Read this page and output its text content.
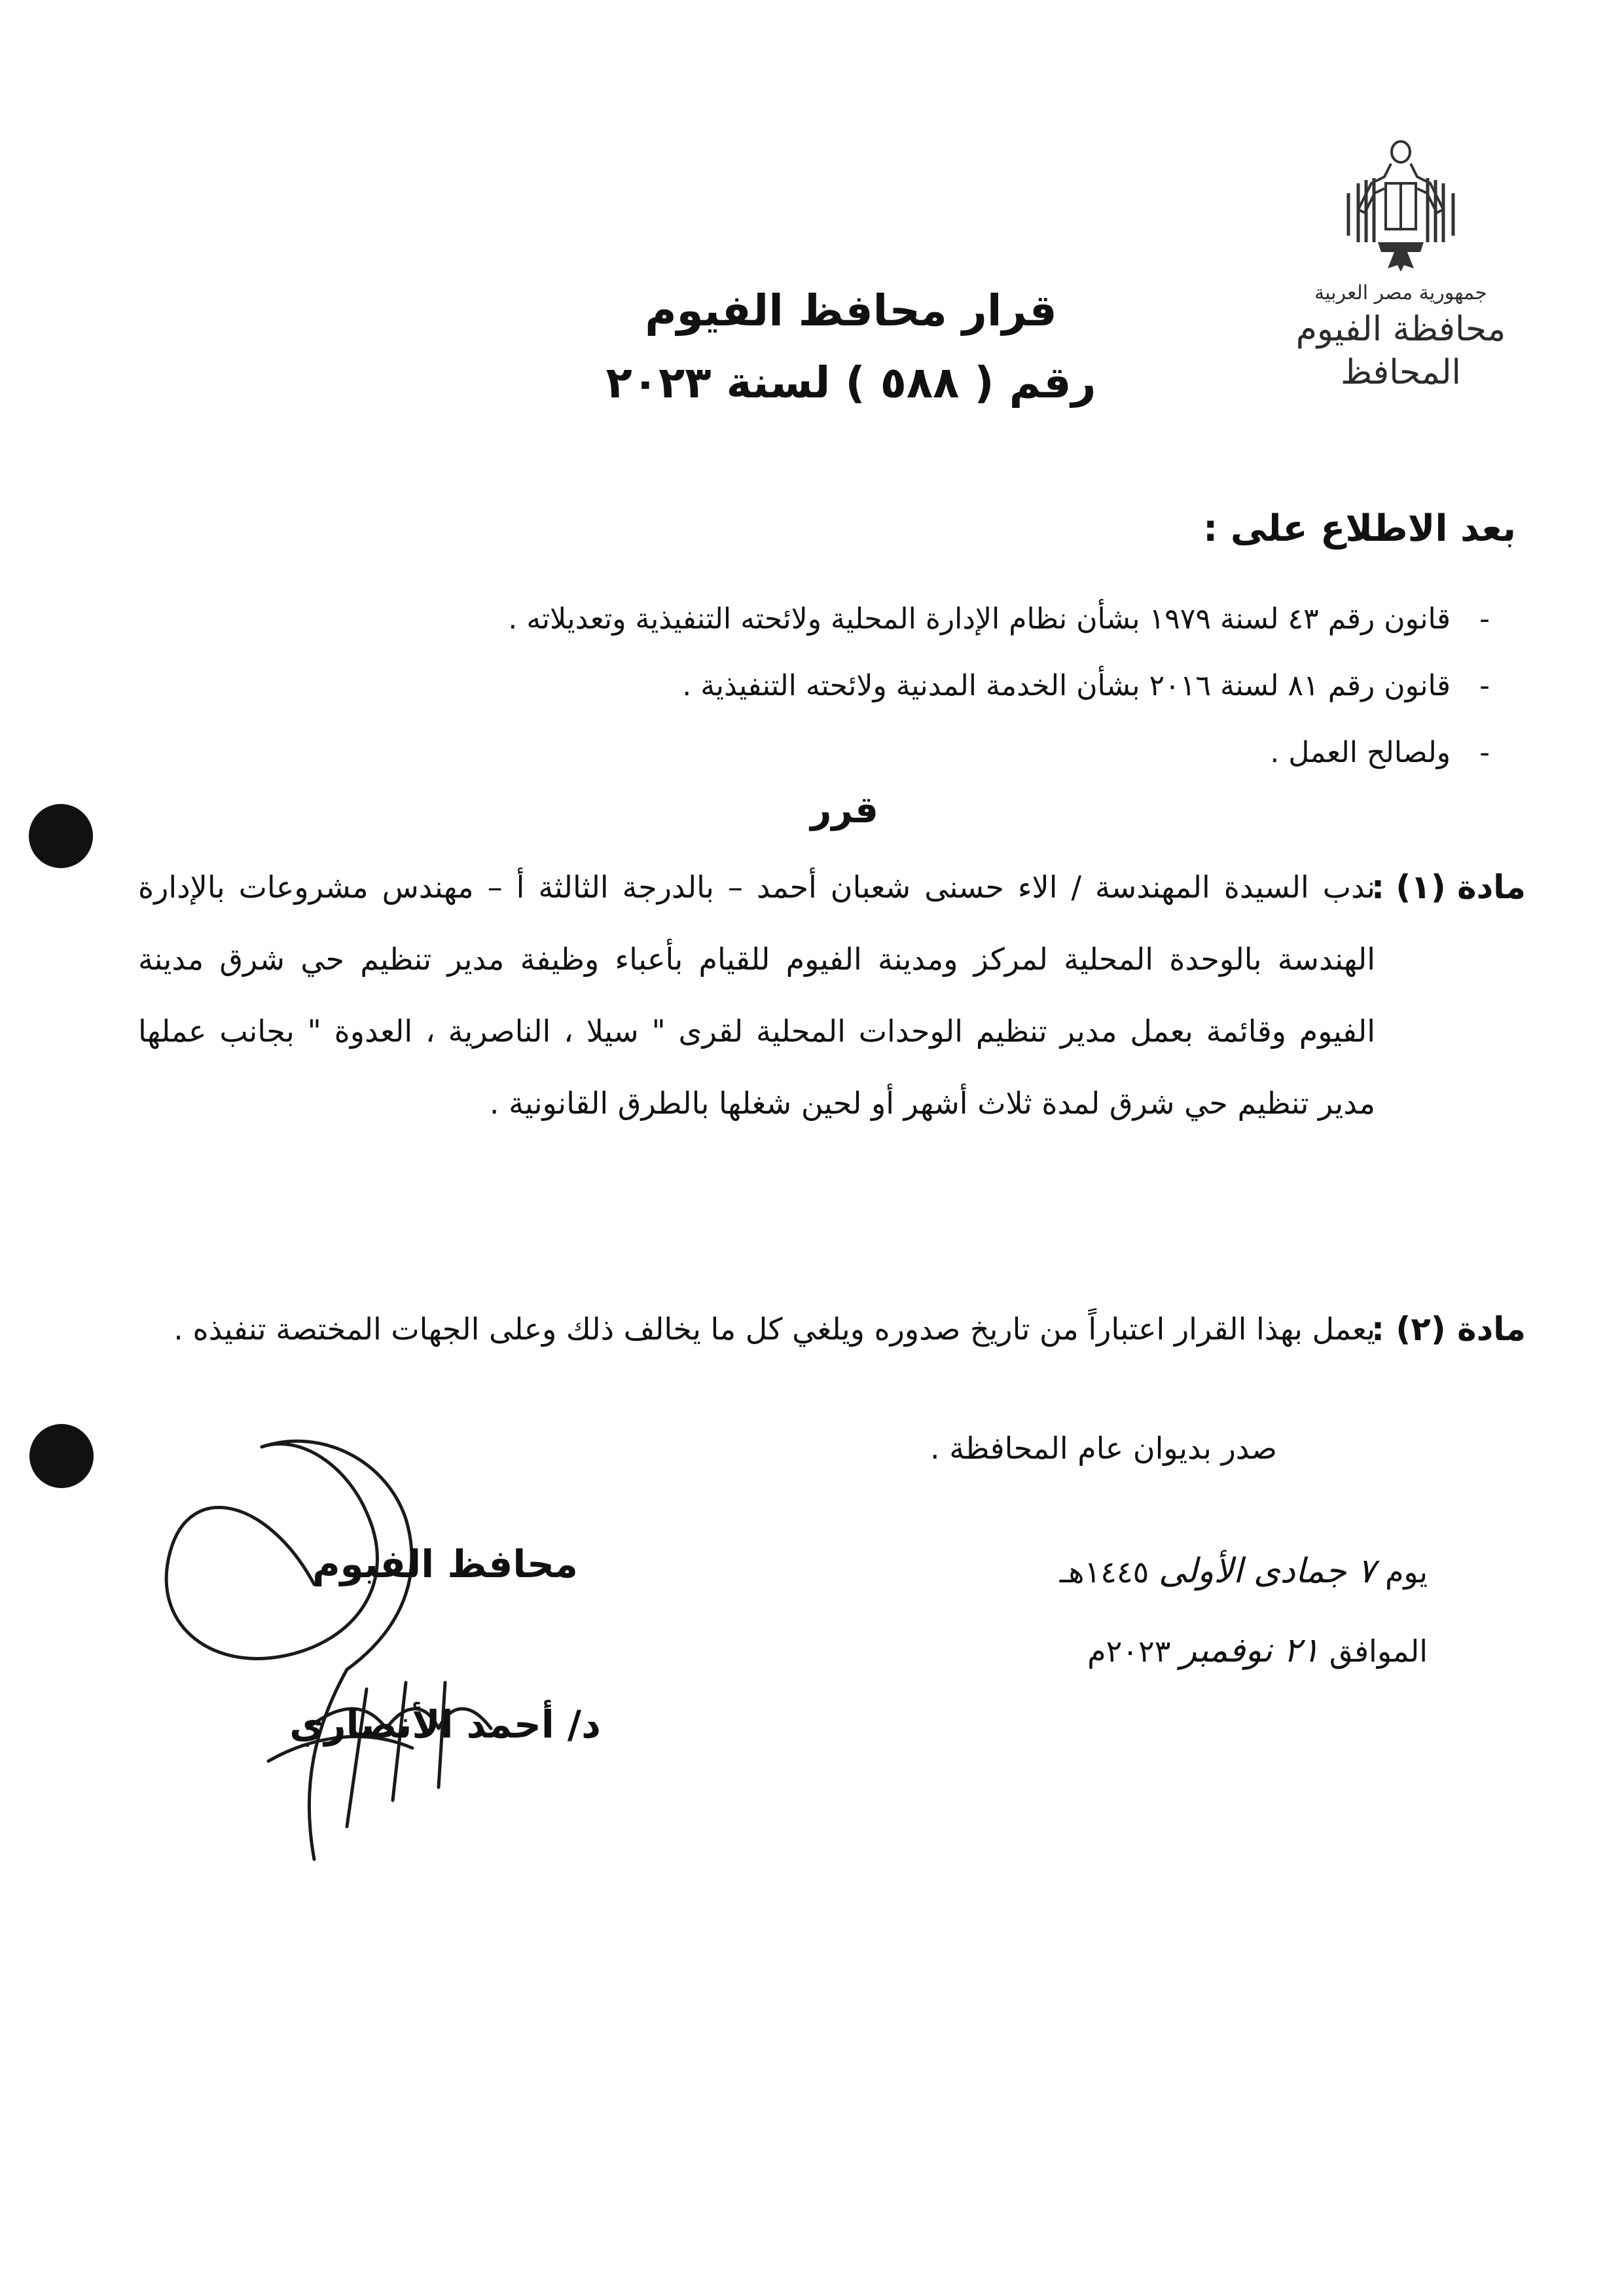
جمهورية مصر العربية
محافظة الفيوم
المحافظ
قرار محافظ الفيوم
رقم ( ٥٨٨ ) لسنة ٢٠٢٣
بعد الاطلاع على :
- قانون رقم ٤٣ لسنة ١٩٧٩ بشأن نظام الإدارة المحلية ولائحته التنفيذية وتعديلاته .
- قانون رقم ٨١ لسنة ٢٠١٦ بشأن الخدمة المدنية ولائحته التنفيذية .
- ولصالح العمل .
قرر
مادة (١) :
ندب السيدة المهندسة / الاء حسنى شعبان أحمد – بالدرجة الثالثة أ – مهندس مشروعات بالإدارة الهندسة بالوحدة المحلية لمركز ومدينة الفيوم للقيام بأعباء وظيفة مدير تنظيم حي شرق مدينة الفيوم وقائمة بعمل مدير تنظيم الوحدات المحلية لقرى " سيلا ، الناصرية ، العدوة " بجانب عملها مدير تنظيم حي شرق لمدة ثلاث أشهر أو لحين شغلها بالطرق القانونية .
مادة (٢) :
يعمل بهذا القرار اعتباراً من تاريخ صدوره ويلغي كل ما يخالف ذلك وعلى الجهات المختصة تنفيذه .
صدر بديوان عام المحافظة .
يوم ٧ جمادى الأولى ١٤٤٥هـ
الموافق ٢١ نوفمبر ٢٠٢٣م
محافظ الفيوم
د/ أحمد الأنصاري
